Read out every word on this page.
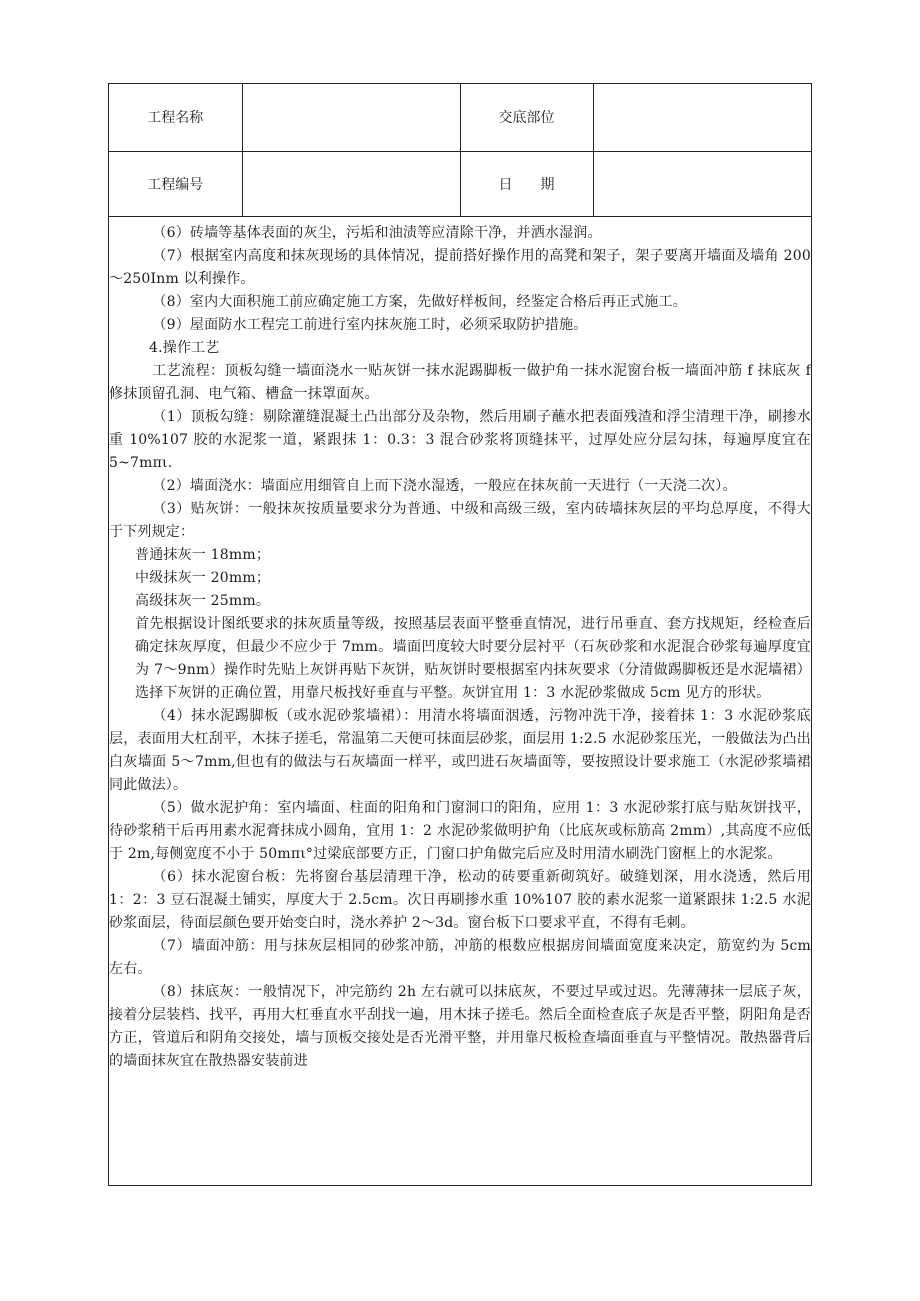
工程名称		交底部位	
工程编号		日　　期	

（6）砖墙等基体表面的灰尘，污垢和油渍等应清除干净，并洒水湿润。

（7）根据室内高度和抹灰现场的具体情况，提前搭好操作用的高凳和架子，架子要离开墙面及墙角 200～250Inm 以利操作。

（8）室内大面积施工前应确定施工方案，先做好样板间，经鉴定合格后再正式施工。

（9）屋面防水工程完工前进行室内抹灰施工时，必须采取防护措施。

4.操作工艺

工艺流程：顶板勾缝一墙面浇水一贴灰饼一抹水泥踢脚板一做护角一抹水泥窗台板一墙面冲筋 f 抹底灰 f 修抹顶留孔洞、电气箱、槽盒一抹罩面灰。

（1）顶板勾缝：剔除灌缝混凝土凸出部分及杂物，然后用刷子蘸水把表面残渣和浮尘清理干净，刷掺水重 10%107 胶的水泥浆一道，紧跟抹 1：0.3：3 混合砂浆将顶缝抹平，过厚处应分层勾抹，每遍厚度宜在 5~7mπι.

（2）墙面浇水：墙面应用细管自上而下浇水湿透，一般应在抹灰前一天进行（一天浇二次）。

（3）贴灰饼：一般抹灰按质量要求分为普通、中级和高级三级，室内砖墙抹灰层的平均总厚度，不得大于下列规定：

普通抹灰一 18mm；

中级抹灰一 20mm；

高级抹灰一 25mm。

首先根据设计图纸要求的抹灰质量等级，按照基层表面平整垂直情况，进行吊垂直、套方找规矩，经检查后确定抹灰厚度，但最少不应少于 7mm。墙面凹度较大时要分层衬平（石灰砂浆和水泥混合砂浆每遍厚度宜为 7～9nm）操作时先贴上灰饼再贴下灰饼，贴灰饼时要根据室内抹灰要求（分清做踢脚板还是水泥墙裙）选择下灰饼的正确位置，用靠尺板找好垂直与平整。灰饼宜用 1：3 水泥砂浆做成 5cm 见方的形状。

（4）抹水泥踢脚板（或水泥砂浆墙裙）：用清水将墙面洇透，污物冲洗干净，接着抹 1：3 水泥砂浆底层，表面用大杠刮平，木抹子搓毛，常温第二天便可抹面层砂浆，面层用 1:2.5 水泥砂浆压光，一般做法为凸出白灰墙面 5～7mm,但也有的做法与石灰墙面一样平，或凹进石灰墙面等，要按照设计要求施工（水泥砂浆墙裙同此做法）。

（5）做水泥护角：室内墙面、柱面的阳角和门窗洞口的阳角，应用 1：3 水泥砂浆打底与贴灰饼找平，待砂浆稍干后再用素水泥膏抹成小圆角，宜用 1：2 水泥砂浆做明护角（比底灰或标筋高 2mm）,其高度不应低于 2m,每侧宽度不小于 50mπι°过梁底部要方正，门窗口护角做完后应及时用清水刷洗门窗框上的水泥浆。

（6）抹水泥窗台板：先将窗台基层清理干净，松动的砖要重新砌筑好。破缝划深，用水浇透，然后用 1：2：3 豆石混凝土铺实，厚度大于 2.5cm。次日再刷掺水重 10%107 胶的素水泥浆一道紧跟抹 1:2.5 水泥砂浆面层，待面层颜色要开始变白时，浇水养护 2～3d。窗台板下口要求平直，不得有毛刺。

（7）墙面冲筋：用与抹灰层相同的砂浆冲筋，冲筋的根数应根据房间墙面宽度来决定，筋宽约为 5cm 左右。

（8）抹底灰：一般情况下，冲完筋约 2h 左右就可以抹底灰，不要过早或过迟。先薄薄抹一层底子灰，接着分层装档、找平，再用大杠垂直水平刮找一遍，用木抹子搓毛。然后全面检查底子灰是否平整，阴阳角是否方正，管道后和阴角交接处，墙与顶板交接处是否光滑平整，并用靠尺板检查墙面垂直与平整情况。散热器背后的墙面抹灰宜在散热器安装前进
